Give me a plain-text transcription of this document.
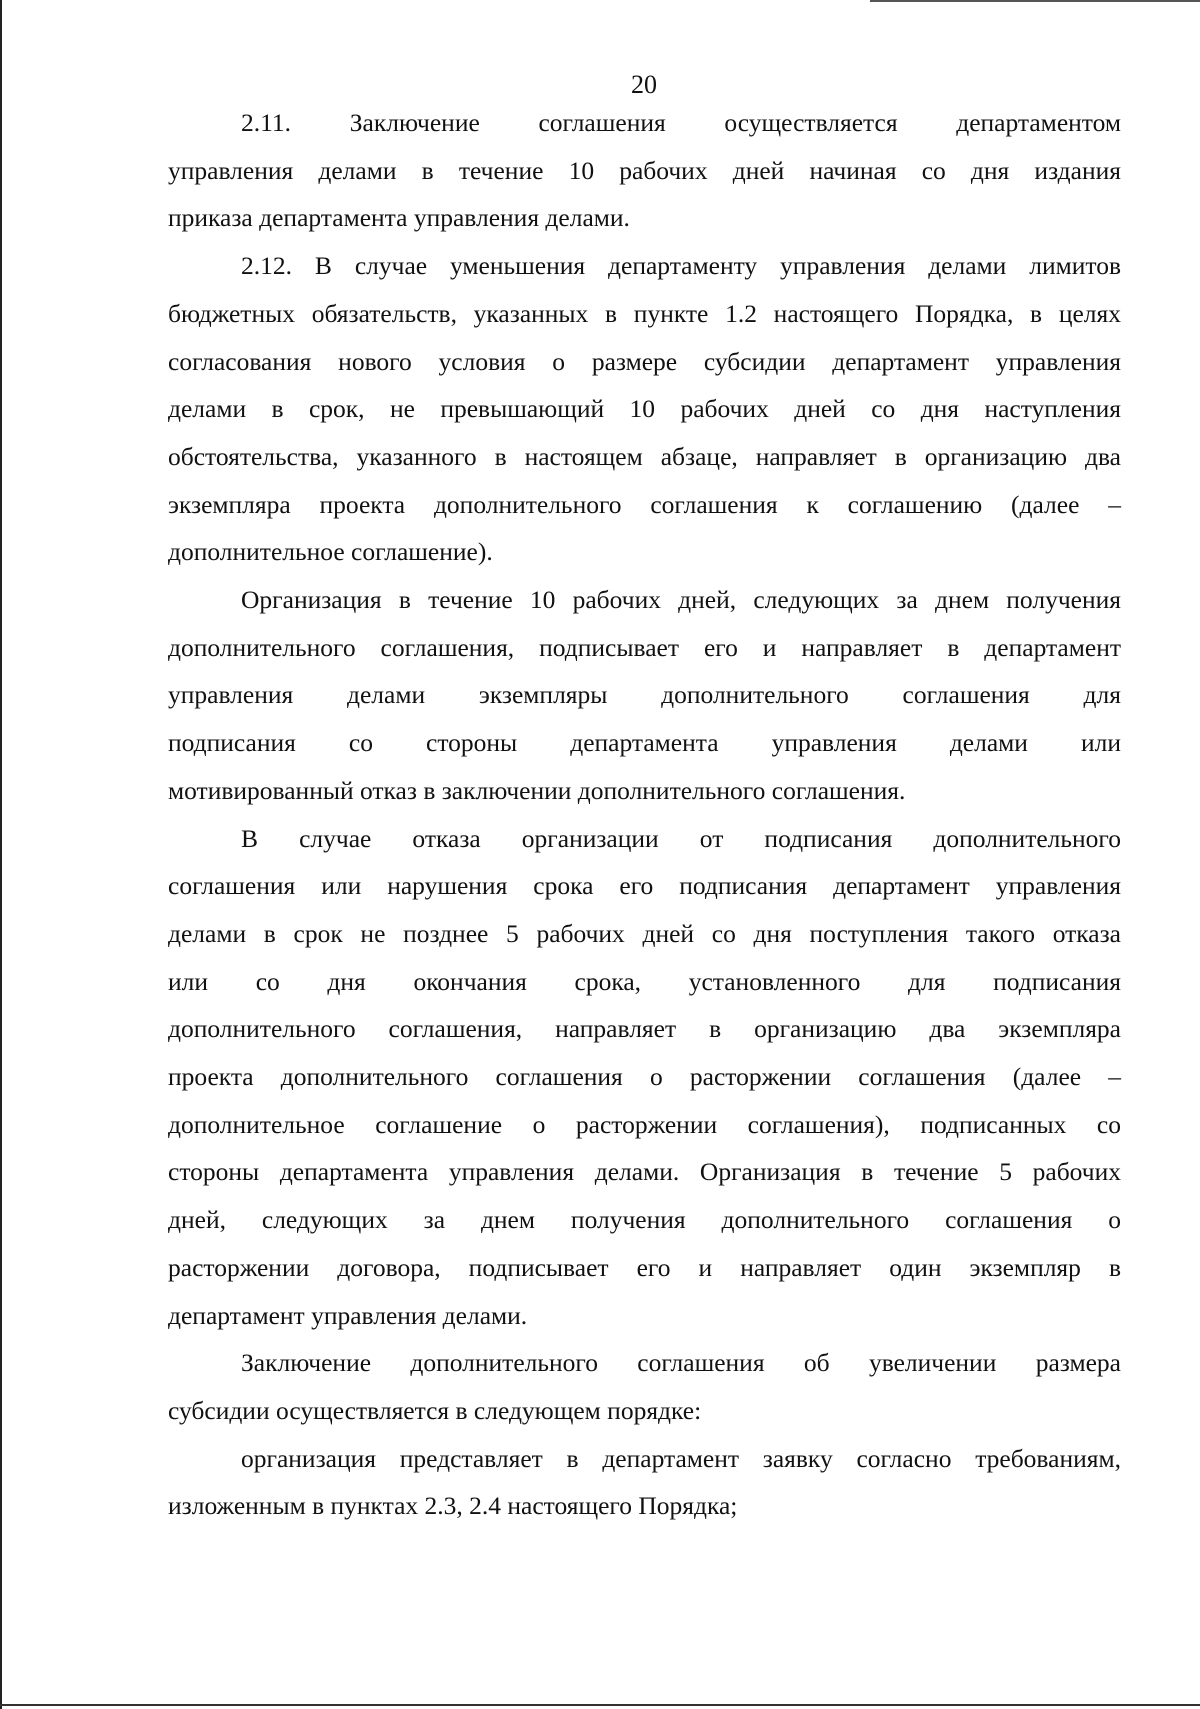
20
2.11. Заключение соглашения осуществляется департаментом
управления делами в течение 10 рабочих дней начиная со дня издания
приказа департамента управления делами.
2.12. В случае уменьшения департаменту управления делами лимитов
бюджетных обязательств, указанных в пункте 1.2 настоящего Порядка, в целях
согласования нового условия о размере субсидии департамент управления
делами в срок, не превышающий 10 рабочих дней со дня наступления
обстоятельства, указанного в настоящем абзаце, направляет в организацию два
экземпляра проекта дополнительного соглашения к соглашению (далее –
дополнительное соглашение).
Организация в течение 10 рабочих дней, следующих за днем получения
дополнительного соглашения, подписывает его и направляет в департамент
управления делами экземпляры дополнительного соглашения для
подписания со стороны департамента управления делами или
мотивированный отказ в заключении дополнительного соглашения.
В случае отказа организации от подписания дополнительного
соглашения или нарушения срока его подписания департамент управления
делами в срок не позднее 5 рабочих дней со дня поступления такого отказа
или со дня окончания срока, установленного для подписания
дополнительного соглашения, направляет в организацию два экземпляра
проекта дополнительного соглашения о расторжении соглашения (далее –
дополнительное соглашение о расторжении соглашения), подписанных со
стороны департамента управления делами. Организация в течение 5 рабочих
дней, следующих за днем получения дополнительного соглашения о
расторжении договора, подписывает его и направляет один экземпляр в
департамент управления делами.
Заключение дополнительного соглашения об увеличении размера
субсидии осуществляется в следующем порядке:
организация представляет в департамент заявку согласно требованиям,
изложенным в пунктах 2.3, 2.4 настоящего Порядка;
